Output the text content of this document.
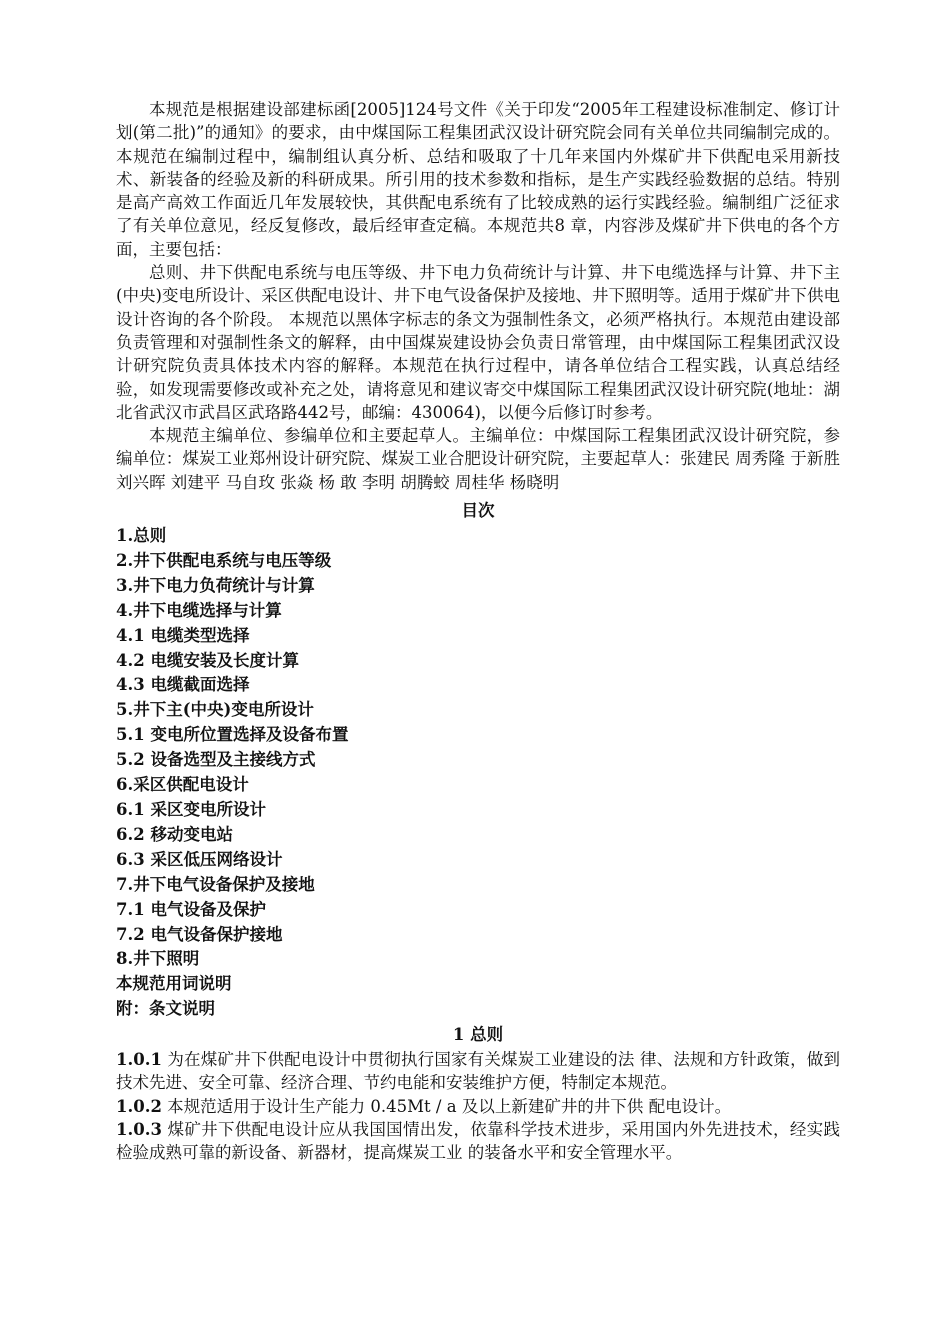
本规范是根据建设部建标函[2005]124号文件《关于印发“2005年工程建设标准制定、修订计划(第二批)”的通知》的要求，由中煤国际工程集团武汉设计研究院会同有关单位共同编制完成的。本规范在编制过程中，编制组认真分析、总结和吸取了十几年来国内外煤矿井下供配电采用新技术、新装备的经验及新的科研成果。所引用的技术参数和指标，是生产实践经验数据的总结。特别是高产高效工作面近几年发展较快，其供配电系统有了比较成熟的运行实践经验。编制组广泛征求了有关单位意见，经反复修改，最后经审查定稿。本规范共8 章，内容涉及煤矿井下供电的各个方面，主要包括：

总则、井下供配电系统与电压等级、井下电力负荷统计与计算、井下电缆选择与计算、井下主(中央)变电所设计、采区供配电设计、井下电气设备保护及接地、井下照明等。适用于煤矿井下供电设计咨询的各个阶段。 本规范以黑体字标志的条文为强制性条文，必须严格执行。本规范由建设部负责管理和对强制性条文的解释，由中国煤炭建设协会负责日常管理，由中煤国际工程集团武汉设计研究院负责具体技术内容的解释。本规范在执行过程中，请各单位结合工程实践，认真总结经验，如发现需要修改或补充之处，请将意见和建议寄交中煤国际工程集团武汉设计研究院(地址：湖北省武汉市武昌区武珞路442号，邮编：430064)，以便今后修订时参考。

本规范主编单位、参编单位和主要起草人。主编单位：中煤国际工程集团武汉设计研究院，参编单位：煤炭工业郑州设计研究院、煤炭工业合肥设计研究院，主要起草人：张建民 周秀隆 于新胜 刘兴晖 刘建平 马自玫 张焱 杨 敢 李明 胡腾蛟 周桂华 杨晓明

目次
1.总则
2.井下供配电系统与电压等级
3.井下电力负荷统计与计算
4.井下电缆选择与计算
4.1 电缆类型选择
4.2 电缆安装及长度计算
4.3 电缆截面选择
5.井下主(中央)变电所设计
5.1 变电所位置选择及设备布置
5.2 设备选型及主接线方式
6.采区供配电设计
6.1 采区变电所设计
6.2 移动变电站
6.3 采区低压网络设计
7.井下电气设备保护及接地
7.1 电气设备及保护
7.2 电气设备保护接地
8.井下照明
本规范用词说明
附：条文说明
1 总则

1.0.1 为在煤矿井下供配电设计中贯彻执行国家有关煤炭工业建设的法 律、法规和方针政策，做到技术先进、安全可靠、经济合理、节约电能和安装维护方便，特制定本规范。

1.0.2 本规范适用于设计生产能力 0.45Mt / a 及以上新建矿井的井下供 配电设计。

1.0.3 煤矿井下供配电设计应从我国国情出发，依靠科学技术进步，采用国内外先进技术，经实践检验成熟可靠的新设备、新器材，提高煤炭工业 的装备水平和安全管理水平。
